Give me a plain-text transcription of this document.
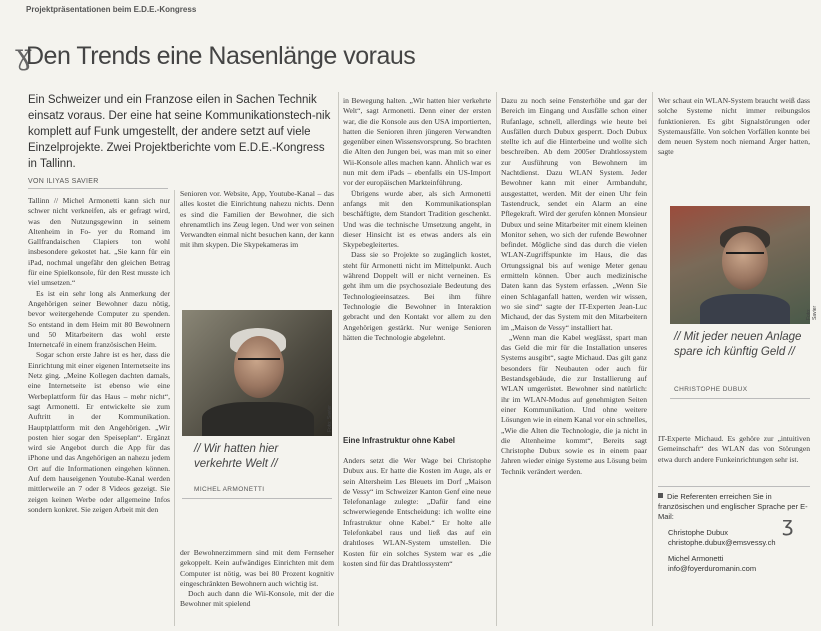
Projektpräsentationen beim E.D.E.-Kongress
ɣ
Den Trends eine Nasenlänge voraus
Ein Schweizer und ein Franzose eilen in Sachen Technik einsatz voraus. Der eine hat seine Kommunikationstech-nik komplett auf Funk umgestellt, der andere setzt auf viele Einzelprojekte. Zwei Projektberichte vom E.D.E.-Kongress in Tallinn.
VON ILIYAS SAVIER

Tallinn // Michel Armonetti kann sich nur schwer nicht verkneifen, als er gefragt wird, was den Nutzungsgewinn in seinem Altenheim in Fo- yer du Romand im Gallfrandaischen Clapiers ton wohl insbesondere gekostet hat. „Sie kann für ein iPad, nochmal ungefähr den gleichen Betrag für eine Spielkonsole, für den Rest musste ich viel umsetzen.“

Es ist ein sehr long als Anmerkung der Angehörigen seiner Bewohner dazu nötig, bevor weitergehende Computer zu spenden. So entstand in dem Heim mit 80 Bewohnern und 50 Mitarbeitern das wohl erste Internetcafé in einem französischen Heim.

Sogar schon erste Jahre ist es her, dass die Einrichtung mit einer eigenen Internetseite ins Netz ging. „Meine Kollegen dachten damals, eine Internetseite ist ebenso wie eine Werbeplattform für das Haus – mehr nicht“, sagt Armonetti. Er entwickelte sie zum Auftritt in der Kommunikation. Hauptplattform mit den Angehörigen. „Wir posten hier sogar den Speiseplan“. Ergänzt wird sie Angebot durch die App für das iPhone und das Angehörigen an nahezu jedem Ort auf die Informationen eingehen können. Auf dem hauseigenen Youtube-Kanal werden mittlerweile an 7 oder 8 Videos gezeigt. Sie zeigen keinen Werbe oder allgemeine Infos sondern konkret. Sie zeigen Arbeit mit den

Senioren vor. Website, App, Youtube-Kanal – das alles kostet die Einrichtung nahezu nichts. Denn es sind die Familien der Bewohner, die sich ehrenamtlich ins Zeug legen. Und wer von seinen Verwandten einmal nicht besuchen kann, der kann mit ihm skypen. Die Skypekameras im

Foto: Savier
// Wir hatten hier verkehrte Welt //
MICHEL ARMONETTI

der Bewohnerzimmern sind mit dem Fernseher gekoppelt. Kein aufwändiges Einrichten mit dem Computer ist nötig, was bei 80 Prozent kognitiv eingeschränkten Bewohnern auch wichtig ist.

Doch auch dann die Wii-Konsole, mit der die Bewohner mit spielend

in Bewegung halten. „Wir hatten hier verkehrte Welt“, sagt Armonetti. Denn einer der ersten war, die die Konsole aus den USA importierten, hatten die Senioren ihren jüngeren Verwandten gegenüber einen Wissensvorsprung. So brachten die Alten den Jungen bei, was man mit so einer Wii-Konsole alles machen kann. Ähnlich war es nun mit dem iPads – ebenfalls ein US-Import vor der europäischen Markteinführung.

Übrigens wurde aber, als sich Armonetti anfangs mit den Kommunikationsplan beschäftigte, dem Standort Tradition geschenkt. Und was die technische Umsetzung angeht, in dieser Hinsicht ist es etwas anders als ein Skypebegleitertes.

Dass sie so Projekte so zugänglich kostet, steht für Armonetti nicht im Mittelpunkt. Auch während Doppelt will er nicht verneinen. Es geht ihm um die psychosoziale Bedeutung des Technologieeinsatzes. Bei ihm führe Technologie die Bewohner in Interaktion gebracht und den Kontakt vor allem zu den Angehörigen gestärkt. Nur wenige Senioren hätten die Technologie abgelehnt.

Eine Infrastruktur ohne Kabel

Anders setzt die Wer Wage bei Christophe Dubux aus. Er hatte die Kosten im Auge, als er sein Altersheim Les Bleuets im Dorf „Maison de Vessy“ im Schweizer Kanton Genf eine neue Telefonanlage zulegte: „Dafür fand eine schwerwiegende Entscheidung: ich wollte eine Infrastruktur ohne Kabel.“ Er holte alle Telefonkabel raus und ließ das auf ein drahtloses WLAN-System umstellen. Die Kosten für ein solches System war es „die kosten sind für das Drahtlossystem“

Dazu zu noch seine Fensterhöhe und gar der Bereich im Eingang und Ausfälle schon einer Rufanlage, schnell, allerdings wie heute bei Ausfällen durch Dubux gesperrt. Doch Dubux stellte ich auf die Hinterbeine und wollte sich beschreiben. Ab dem 2005er Drahtlossystem zur Ausführung von Bewohnern im Nachtdienst. Dazu WLAN System. Jeder Bewohner kann mit einer Armbanduhr, ausgestattet, werden. Mit der einen Uhr fein Tastendruck, sendet ein Alarm an eine Pflegekraft. Wird der gerufen können Monsieur Dubux und seine Mitarbeiter mit einem kleinen Monitor sehen, wo sich der rufende Bewohner befindet. Mögliche sind das durch die vielen WLAN-Zugriffspunkte im Haus, die das Ortungssignal bis auf wenige Meter genau ermitteln können. Über auch medizinische Daten kann das System erfassen. „Wenn Sie einen Schlaganfall hatten, werden wir wissen, wo sie sind“ sagte der IT-Experten Jean-Luc Michaud, der das System mit den Mitarbeitern im „Maison de Vessy“ installiert hat.

„Wenn man die Kabel weglässt, spart man das Geld die mir für die Installation unseres Systems ausgibt“, sagte Michaud. Das gilt ganz besonders für Neubauten oder auch für Bestandsgebäude, die zur Installierung auf WLAN umgerüstet. Bewohner sind natürlich: ihr im WLAN-Modus auf genehmigten Seiten einer Kommunikation. Und ohne weitere Lösungen wie in einem Kanal vor ein schnelles, „Wie die Alten die Technologie, die ja nicht in die Altenheime kommt“, Bereits sagt Christophe Dubux sowie es in einem paar Jahren wieder einige Systeme aus Lösung beim Technik verändert werden.

Wer schaut ein WLAN-System braucht weiß dass solche Systeme nicht immer reibungslos funktionieren. Es gibt Signalstörungen oder Systemausfälle. Von solchen Vorfällen konnte bei dem neuen System noch niemand Ärger hatten, sagte

Foto: Savier
// Mit jeder neuen Anlage spare ich künftig Geld //
CHRISTOPHE DUBUX

IT-Experte Michaud. Es gehöre zur „intuitiven Gemeinschaft“ des WLAN das von Störungen etwa durch andere Funkeinrichtungen sehr ist.

Die Referenten erreichen Sie in französischen und englischer Sprache per E-Mail:
Christophe Dubux
christophe.dubux@emsvessy.ch
Michel Armonetti
info@foyerduromanin.com
ʒ
